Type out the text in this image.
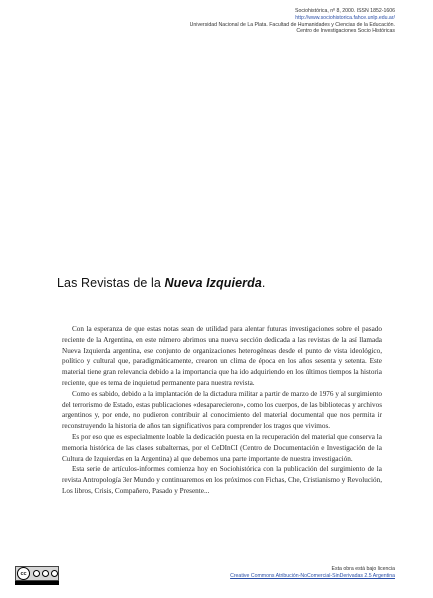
Sociohistórica, nº 8, 2000. ISSN 1852-1606
http://www.sociohistorica.fahce.unlp.edu.ar/
Universidad Nacional de La Plata. Facultad de Humanidades y Ciencias de la Educación.
Centro de Investigaciones Socio Históricas
Las Revistas de la Nueva Izquierda.

Con la esperanza de que estas notas sean de utilidad para alentar futuras investigaciones sobre el pasado reciente de la Argentina, en este número abrimos una nueva sección dedicada a las revistas de la así llamada Nueva Izquierda argentina, ese conjunto de organizaciones heterogéneas desde el punto de vista ideológico, político y cultural que, paradigmáticamente, crearon un clima de época en los años sesenta y setenta. Este material tiene gran relevancia debido a la importancia que ha ido adquiriendo en los últimos tiempos la historia reciente, que es tema de inquietud permanente para nuestra revista.

Como es sabido, debido a la implantación de la dictadura militar a partir de marzo de 1976 y al surgimiento del terrorismo de Estado, estas publicaciones «desaparecieron», como los cuerpos, de las bibliotecas y archivos argentinos y, por ende, no pudieron contribuir al conocimiento del material documental que nos permita ir reconstruyendo la historia de años tan significativos para comprender los tragos que vivimos.

Es por eso que es especialmente loable la dedicación puesta en la recuperación del material que conserva la memoria histórica de las clases subalternas, por el CeDInCI (Centro de Documentación e Investigación de la Cultura de Izquierdas en la Argentina) al que debemos una parte importante de nuestra investigación.

Esta serie de artículos-informes comienza hoy en Sociohistórica con la publicación del surgimiento de la revista Antropología 3er Mundo y continuaremos en los próximos con Fichas, Che, Cristianismo y Revolución, Los libros, Crisis, Compañero, Pasado y Presente...

cc
Esta obra está bajo licencia
Creative Commons Atribución-NoComercial-SinDerivadas 2.5 Argentina
